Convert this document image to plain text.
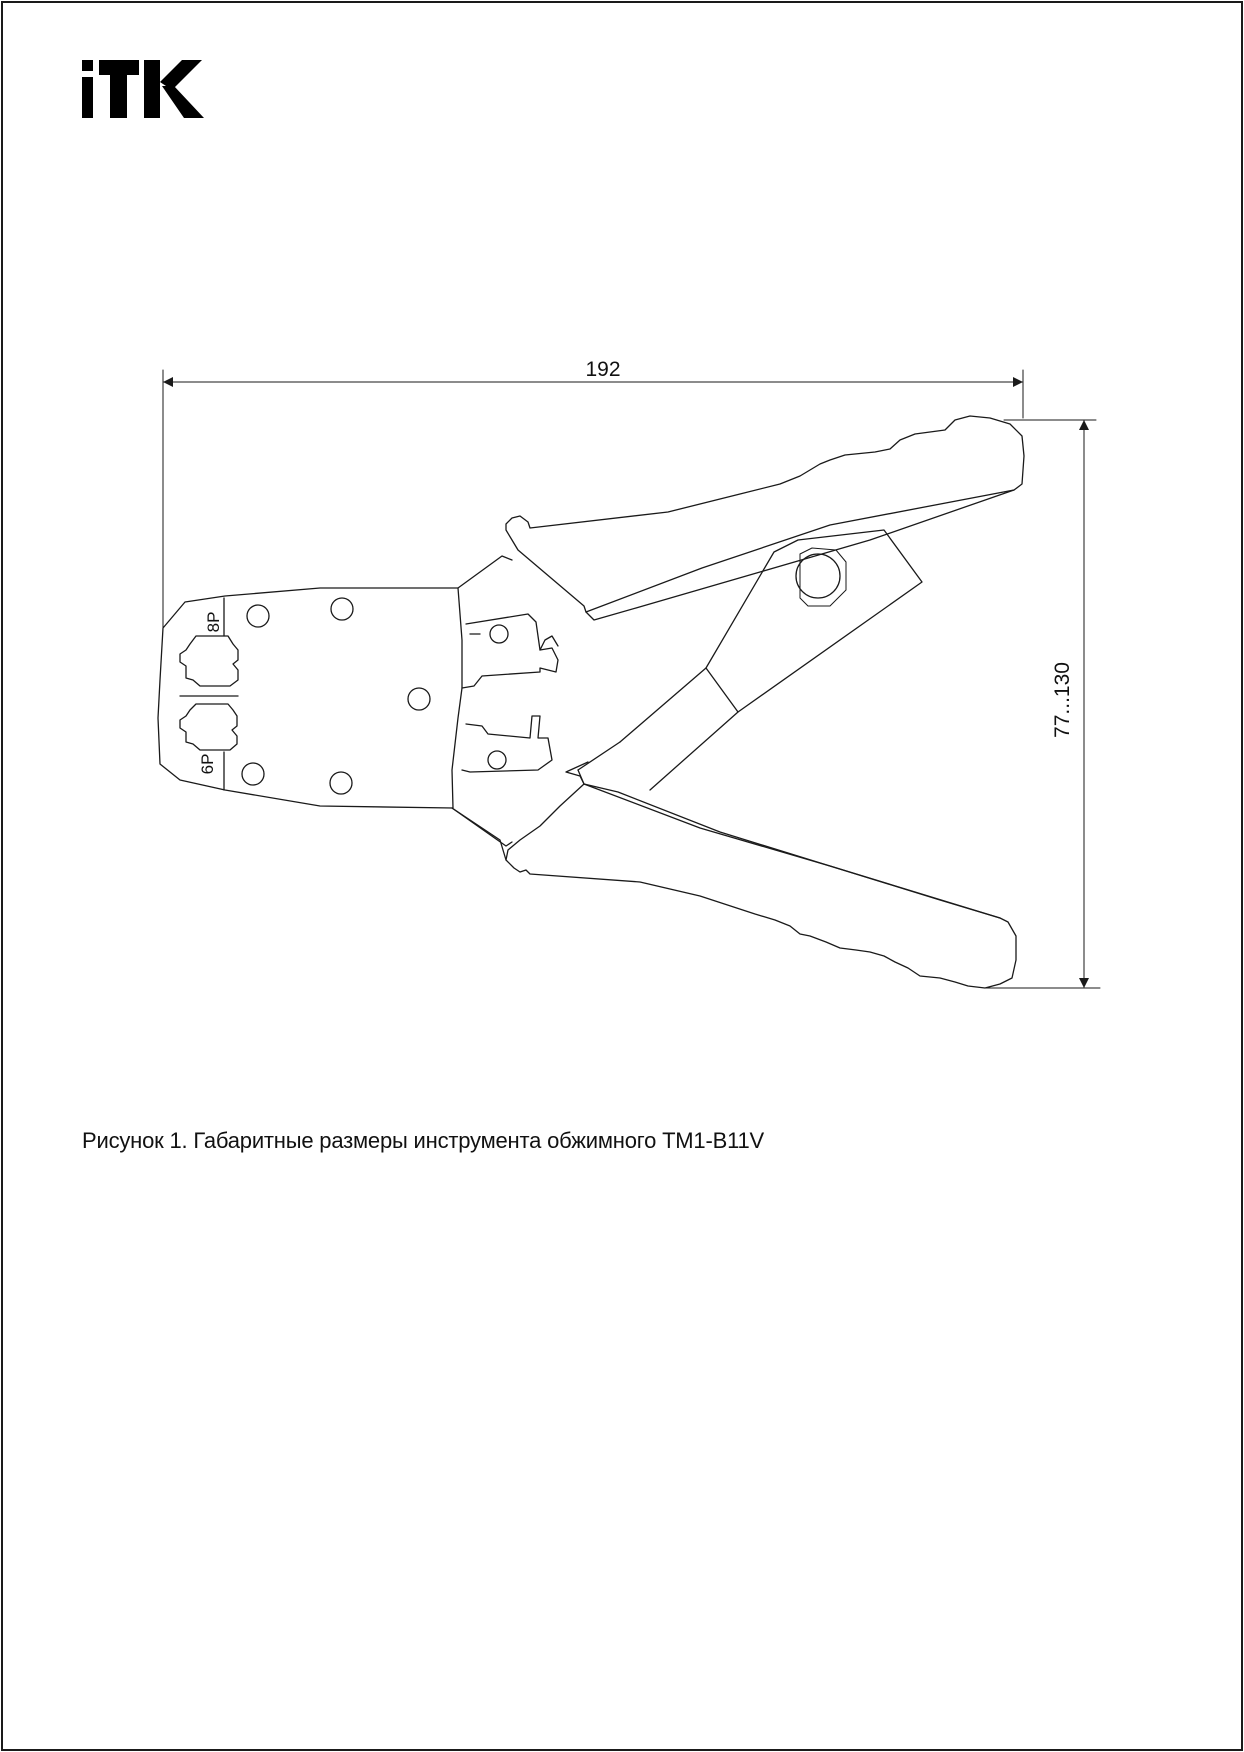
192
77...130
8P
6P
Рисунок 1. Габаритные размеры инструмента обжимного TM1-B11V
